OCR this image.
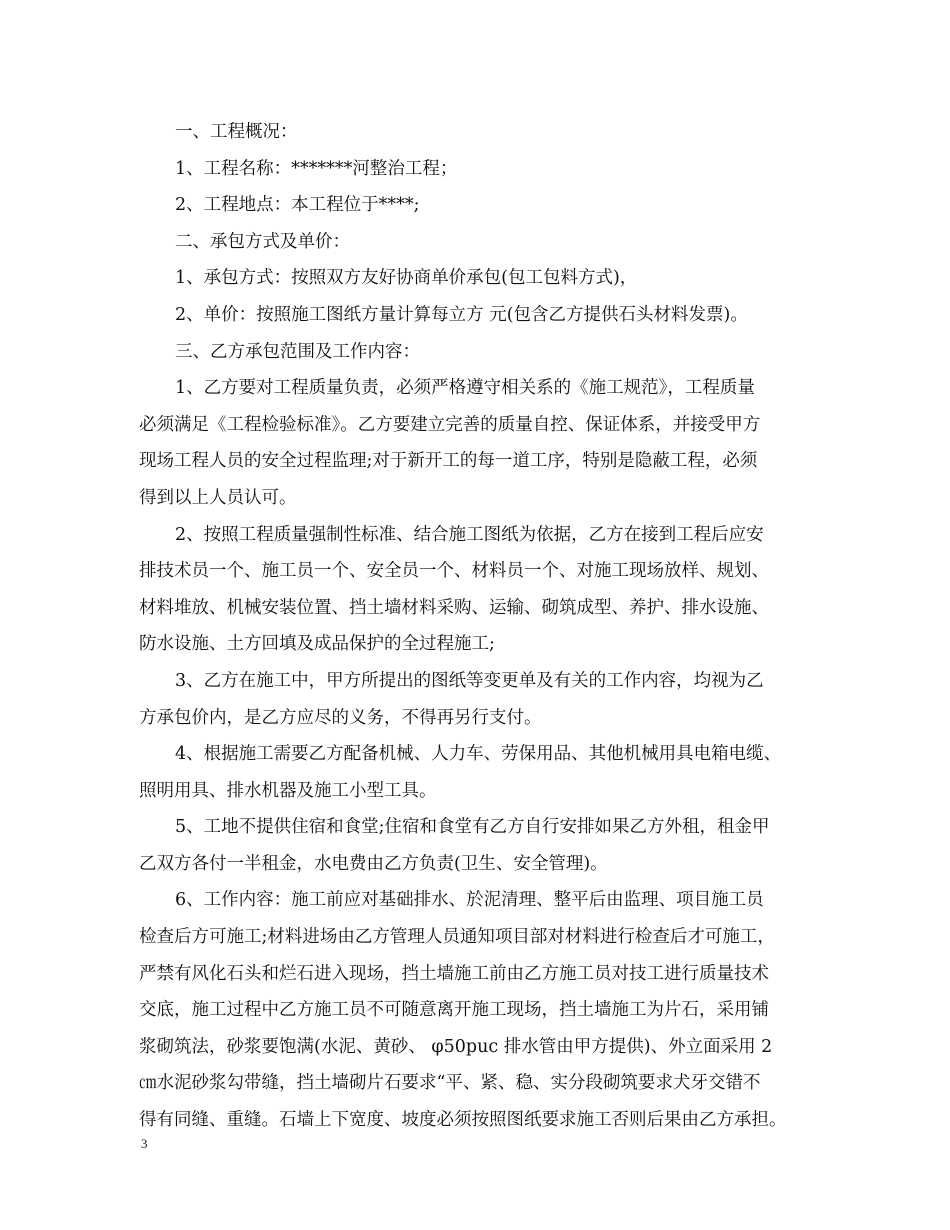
一、工程概况：
1、工程名称：*******河整治工程；
2、工程地点：本工程位于****;
二、承包方式及单价：
1、承包方式：按照双方友好协商单价承包(包工包料方式)，
2、单价：按照施工图纸方量计算每立方 元(包含乙方提供石头材料发票)。
三、乙方承包范围及工作内容：
1、乙方要对工程质量负责，必须严格遵守相关系的《施工规范》，工程质量
必须满足《工程检验标准》。乙方要建立完善的质量自控、保证体系，并接受甲方
现场工程人员的安全过程监理;对于新开工的每一道工序，特别是隐蔽工程，必须
得到以上人员认可。
2、按照工程质量强制性标准、结合施工图纸为依据，乙方在接到工程后应安
排技术员一个、施工员一个、安全员一个、材料员一个、对施工现场放样、规划、
材料堆放、机械安装位置、挡土墙材料采购、运输、砌筑成型、养护、排水设施、
防水设施、土方回填及成品保护的全过程施工;
3、乙方在施工中，甲方所提出的图纸等变更单及有关的工作内容，均视为乙
方承包价内，是乙方应尽的义务，不得再另行支付。
4、根据施工需要乙方配备机械、人力车、劳保用品、其他机械用具电箱电缆、
照明用具、排水机器及施工小型工具。
5、工地不提供住宿和食堂;住宿和食堂有乙方自行安排如果乙方外租，租金甲
乙双方各付一半租金，水电费由乙方负责(卫生、安全管理)。
6、工作内容：施工前应对基础排水、於泥清理、整平后由监理、项目施工员
检查后方可施工;材料进场由乙方管理人员通知项目部对材料进行检查后才可施工，
严禁有风化石头和烂石进入现场，挡土墙施工前由乙方施工员对技工进行质量技术
交底，施工过程中乙方施工员不可随意离开施工现场，挡土墙施工为片石，采用铺
浆砌筑法，砂浆要饱满(水泥、黄砂、 φ50puc 排水管由甲方提供)、外立面采用 2
㎝水泥砂浆勾带缝，挡土墙砌片石要求“平、紧、稳、实分段砌筑要求犬牙交错不
得有同缝、重缝。石墙上下宽度、坡度必须按照图纸要求施工否则后果由乙方承担。
3
